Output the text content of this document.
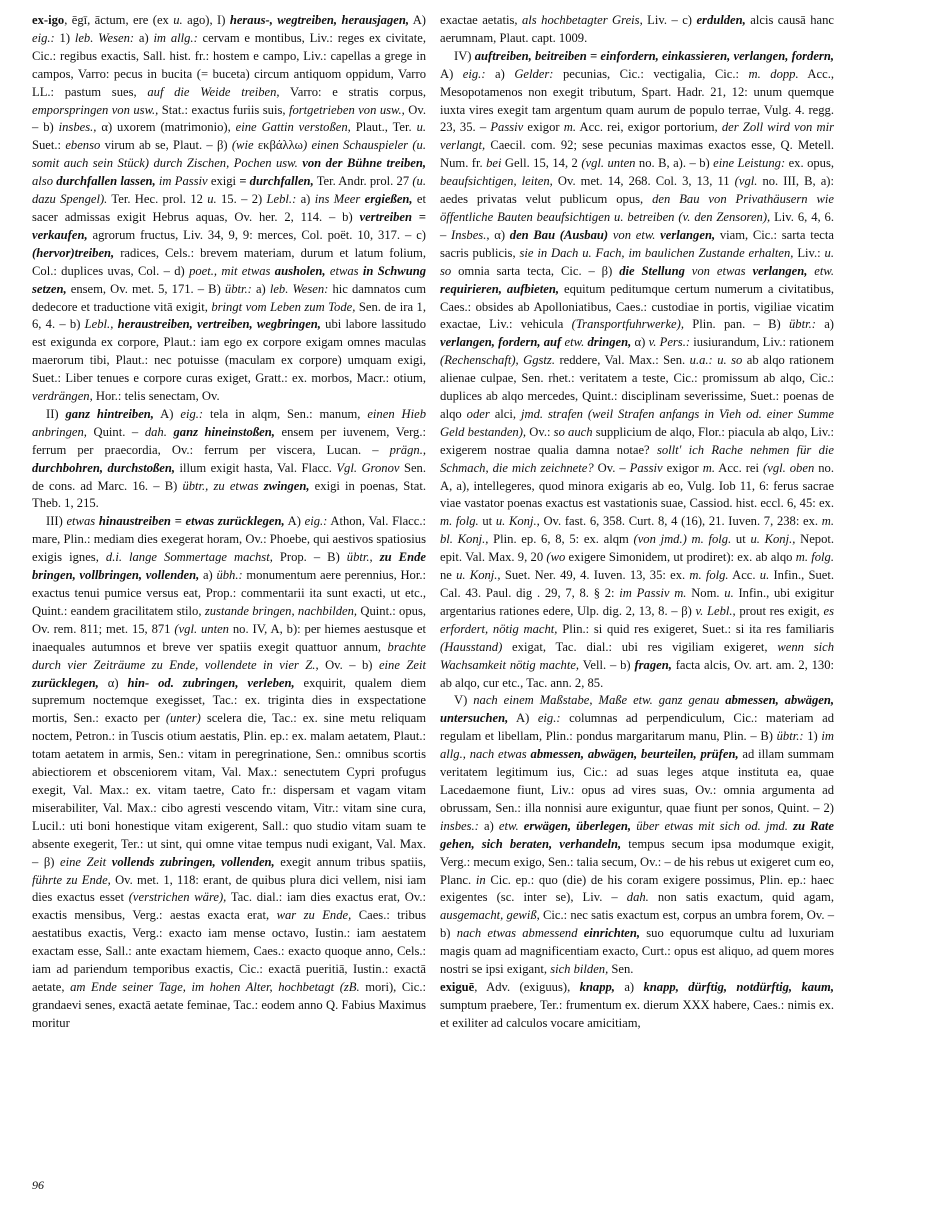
ex-igo, ēgī, āctum, ere (ex u. ago), I) heraus-, wegtreiben, herausjagen, A) eig.: 1) leb. Wesen: a) im allg.: cervam e montibus, Liv.: reges ex civitate, Cic.: regibus exactis, Sall. hist. fr.: hostem e campo, Liv.: capellas a grege in campos, Varro: pecus in bucita (= buceta) circum antiquom oppidum, Varro LL.: pastum sues, auf die Weide treiben, Varro: e stratis corpus, emporspringen von usw., Stat.: exactus furiis suis, fortgetrieben von usw., Ov. – b) insbes., α) uxorem (matrimonio), eine Gattin verstoßen, Plaut., Ter. u. Suet.: ebenso virum ab se, Plaut. – β) (wie εκβάλλω) einen Schauspieler (u. somit auch sein Stück) durch Zischen, Pochen usw. von der Bühne treiben, also durchfallen lassen, im Passiv exigi = durchfallen, Ter. Andr. prol. 27 (u. dazu Spengel). Ter. Hec. prol. 12 u. 15. – 2) Lebl.: a) ins Meer ergießen, et sacer admissas exigit Hebrus aquas, Ov. her. 2, 114. – b) vertreiben = verkaufen, agrorum fructus, Liv. 34, 9, 9: merces, Col. poët. 10, 317. – c) (hervor)treiben, radices, Cels.: brevem materiam, durum et latum folium, Col.: duplices uvas, Col. – d) poet., mit etwas ausholen, etwas in Schwung setzen, ensem, Ov. met. 5, 171. – B) übtr.: a) leb. Wesen: hic damnatos cum dedecore et traductione vitā exigit, bringt vom Leben zum Tode, Sen. de ira 1, 6, 4. – b) Lebl., heraustreiben, vertreiben, wegbringen, ubi labore lassitudo est exigunda ex corpore, Plaut.: iam ego ex corpore exigam omnes maculas maerorum tibi, Plaut.: nec potuisse (maculam ex corpore) umquam exigi, Suet.: Liber tenues e corpore curas exiget, Gratt.: ex. morbos, Macr.: otium, verdrängen, Hor.: telis senectam, Ov.

II) ganz hintreiben, A) eig.: tela in alqm, Sen.: manum, einen Hieb anbringen, Quint. – dah. ganz hineinstoßen, ensem per iuvenem, Verg.: ferrum per praecordia, Ov.: ferrum per viscera, Lucan. – prägn., durchbohren, durchstoßen, illum exigit hasta, Val. Flacc. Vgl. Gronov Sen. de cons. ad Marc. 16. – B) übtr., zu etwas zwingen, exigi in poenas, Stat. Theb. 1, 215.

III) etwas hinaustreiben = etwas zurücklegen, A) eig.: Athon, Val. Flacc.: mare, Plin.: mediam dies exegerat horam, Ov.: Phoebe, qui aestivos spatiosius exigis ignes, d.i. lange Sommertage machst, Prop. – B) übtr., zu Ende bringen, vollbringen, vollenden, a) übh.: monumentum aere perennius, Hor.: exactus tenui pumice versus eat, Prop.: commentarii ita sunt exacti, ut etc., Quint.: eandem gracilitatem stilo, zustande bringen, nachbilden, Quint.: opus, Ov. rem. 811; met. 15, 871 (vgl. unten no. IV, A, b): per hiemes aestusque et inaequales autumnos et breve ver spatiis exegit quattuor annum, brachte durch vier Zeiträume zu Ende, vollendete in vier Z., Ov. – b) eine Zeit zurücklegen, α) hin- od. zubringen, verleben, exquirit, qualem diem supremum noctemque exegisset, Tac.: ex. triginta dies in exspectatione mortis, Sen.: exacto per (unter) scelera die, Tac.: ex. sine metu reliquam noctem, Petron.: in Tuscis otium aestatis, Plin. ep.: ex. malam aetatem, Plaut.: totam aetatem in armis, Sen.: vitam in peregrinatione, Sen.: omnibus scortis abiectiorem et obsceniorem vitam, Val. Max.: senectutem Cypri profugus exegit, Val. Max.: ex. vitam taetre, Cato fr.: dispersam et vagam vitam miserabiliter, Val. Max.: cibo agresti vescendo vitam, Vitr.: vitam sine cura, Lucil.: uti boni honestique vitam exigerent, Sall.: quo studio vitam suam te absente exegerit, Ter.: ut sint, qui omne vitae tempus nudi exigant, Val. Max. – β) eine Zeit vollends zubringen, vollenden, exegit annum tribus spatiis, führte zu Ende, Ov. met. 1, 118: erant, de quibus plura dici vellem, nisi iam dies exactus esset (verstrichen wäre), Tac. dial.: iam dies exactus erat, Ov.: exactis mensibus, Verg.: aestas exacta erat, war zu Ende, Caes.: tribus aestatibus exactis, Verg.: exacto iam mense octavo, Iustin.: iam aestatem exactam esse, Sall.: ante exactam hiemem, Caes.: exacto quoque anno, Cels.: iam ad pariendum temporibus exactis, Cic.: exactā pueritiā, Iustin.: exactā aetate, am Ende seiner Tage, im hohen Alter, hochbetagt (zB. mori), Cic.: grandaevi senes, exactā aetate feminae, Tac.: eodem anno Q. Fabius Maximus moritur

exactae aetatis, als hochbetagter Greis, Liv. – c) erdulden, alcis causā hanc aerumnam, Plaut. capt. 1009.

IV) auftreiben, beitreiben = einfordern, einkassieren, verlangen, fordern, A) eig.: a) Gelder: pecunias, Cic.: vectigalia, Cic.: m. dopp. Acc., Mesopotamenos non exegit tributum, Spart. Hadr. 21, 12: unum quemque iuxta vires exegit tam argentum quam aurum de populo terrae, Vulg. 4. regg. 23, 35. – Passiv exigor m. Acc. rei, exigor portorium, der Zoll wird von mir verlangt, Caecil. com. 92; sese pecunias maximas exactos esse, Q. Metell. Num. fr. bei Gell. 15, 14, 2 (vgl. unten no. B, a). – b) eine Leistung: ex. opus, beaufsichtigen, leiten, Ov. met. 14, 268. Col. 3, 13, 11 (vgl. no. III, B, a): aedes privatas velut publicum opus, den Bau von Privathäusern wie öffentliche Bauten beaufsichtigen u. betreiben (v. den Zensoren), Liv. 6, 4, 6. – Insbes., α) den Bau (Ausbau) von etw. verlangen, viam, Cic.: sarta tecta sacris publicis, sie in Dach u. Fach, im baulichen Zustande erhalten, Liv.: u. so omnia sarta tecta, Cic. – β) die Stellung von etwas verlangen, etw. requirieren, aufbieten, equitum peditumque certum numerum a civitatibus, Caes.: obsides ab Apolloniatibus, Caes.: custodiae in portis, vigiliae vicatim exactae, Liv.: vehicula (Transportfuhrwerke), Plin. pan. – B) übtr.: a) verlangen, fordern, auf etw. dringen, α) v. Pers.: iusiurandum, Liv.: rationem (Rechenschaft), Ggstz. reddere, Val. Max.: Sen. u.a.: u. so ab alqo rationem alienae culpae, Sen. rhet.: veritatem a teste, Cic.: promissum ab alqo, Cic.: duplices ab alqo mercedes, Quint.: disciplinam severissime, Suet.: poenas de alqo oder alci, jmd. strafen (weil Strafen anfangs in Vieh od. einer Summe Geld bestanden), Ov.: so auch supplicium de alqo, Flor.: piacula ab alqo, Liv.: exigerem nostrae qualia damna notae? sollt' ich Rache nehmen für die Schmach, die mich zeichnete? Ov. – Passiv exigor m. Acc. rei (vgl. oben no. A, a), intellegeres, quod minora exigaris ab eo, Vulg. Iob 11, 6: ferus sacrae viae vastator poenas exactus est vastationis suae, Cassiod. hist. eccl. 6, 45: ex. m. folg. ut u. Konj., Ov. fast. 6, 358. Curt. 8, 4 (16), 21. Iuven. 7, 238: ex. m. bl. Konj., Plin. ep. 6, 8, 5: ex. alqm (von jmd.) m. folg. ut u. Konj., Nepot. epit. Val. Max. 9, 20 (wo exigere Simonidem, ut prodiret): ex. ab alqo m. folg. ne u. Konj., Suet. Ner. 49, 4. Iuven. 13, 35: ex. m. folg. Acc. u. Infin., Suet. Cal. 43. Paul. dig . 29, 7, 8. § 2: im Passiv m. Nom. u. Infin., ubi exigitur argentarius rationes edere, Ulp. dig. 2, 13, 8. – β) v. Lebl., prout res exigit, es erfordert, nötig macht, Plin.: si quid res exigeret, Suet.: si ita res familiaris (Hausstand) exigat, Tac. dial.: ubi res vigiliam exigeret, wenn sich Wachsamkeit nötig machte, Vell. – b) fragen, facta alcis, Ov. art. am. 2, 130: ab alqo, cur etc., Tac. ann. 2, 85.

V) nach einem Maßstabe, Maße etw. ganz genau abmessen, abwägen, untersuchen, A) eig.: columnas ad perpendiculum, Cic.: materiam ad regulam et libellam, Plin.: pondus margaritarum manu, Plin. – B) übtr.: 1) im allg., nach etwas abmessen, abwägen, beurteilen, prüfen, ad illam summam veritatem legitimum ius, Cic.: ad suas leges atque instituta ea, quae Lacedaemone fiunt, Liv.: opus ad vires suas, Ov.: omnia argumenta ad obrussam, Sen.: illa nonnisi aure exiguntur, quae fiunt per sonos, Quint. – 2) insbes.: a) etw. erwägen, überlegen, über etwas mit sich od. jmd. zu Rate gehen, sich beraten, verhandeln, tempus secum ipsa modumque exigit, Verg.: mecum exigo, Sen.: talia secum, Ov.: – de his rebus ut exigeret cum eo, Planc. in Cic. ep.: quo (die) de his coram exigere possimus, Plin. ep.: haec exigentes (sc. inter se), Liv. – dah. non satis exactum, quid agam, ausgemacht, gewiß, Cic.: nec satis exactum est, corpus an umbra forem, Ov. – b) nach etwas abmessend einrichten, suo equorumque cultu ad luxuriam magis quam ad magnificentiam exacto, Curt.: opus est aliquo, ad quem mores nostri se ipsi exigant, sich bilden, Sen.

exiguē, Adv. (exiguus), knapp, a) knapp, dürftig, notdürftig, kaum, sumptum praebere, Ter.: frumentum ex. dierum XXX habere, Caes.: nimis ex. et exiliter ad calculos vocare amicitiam,

96
